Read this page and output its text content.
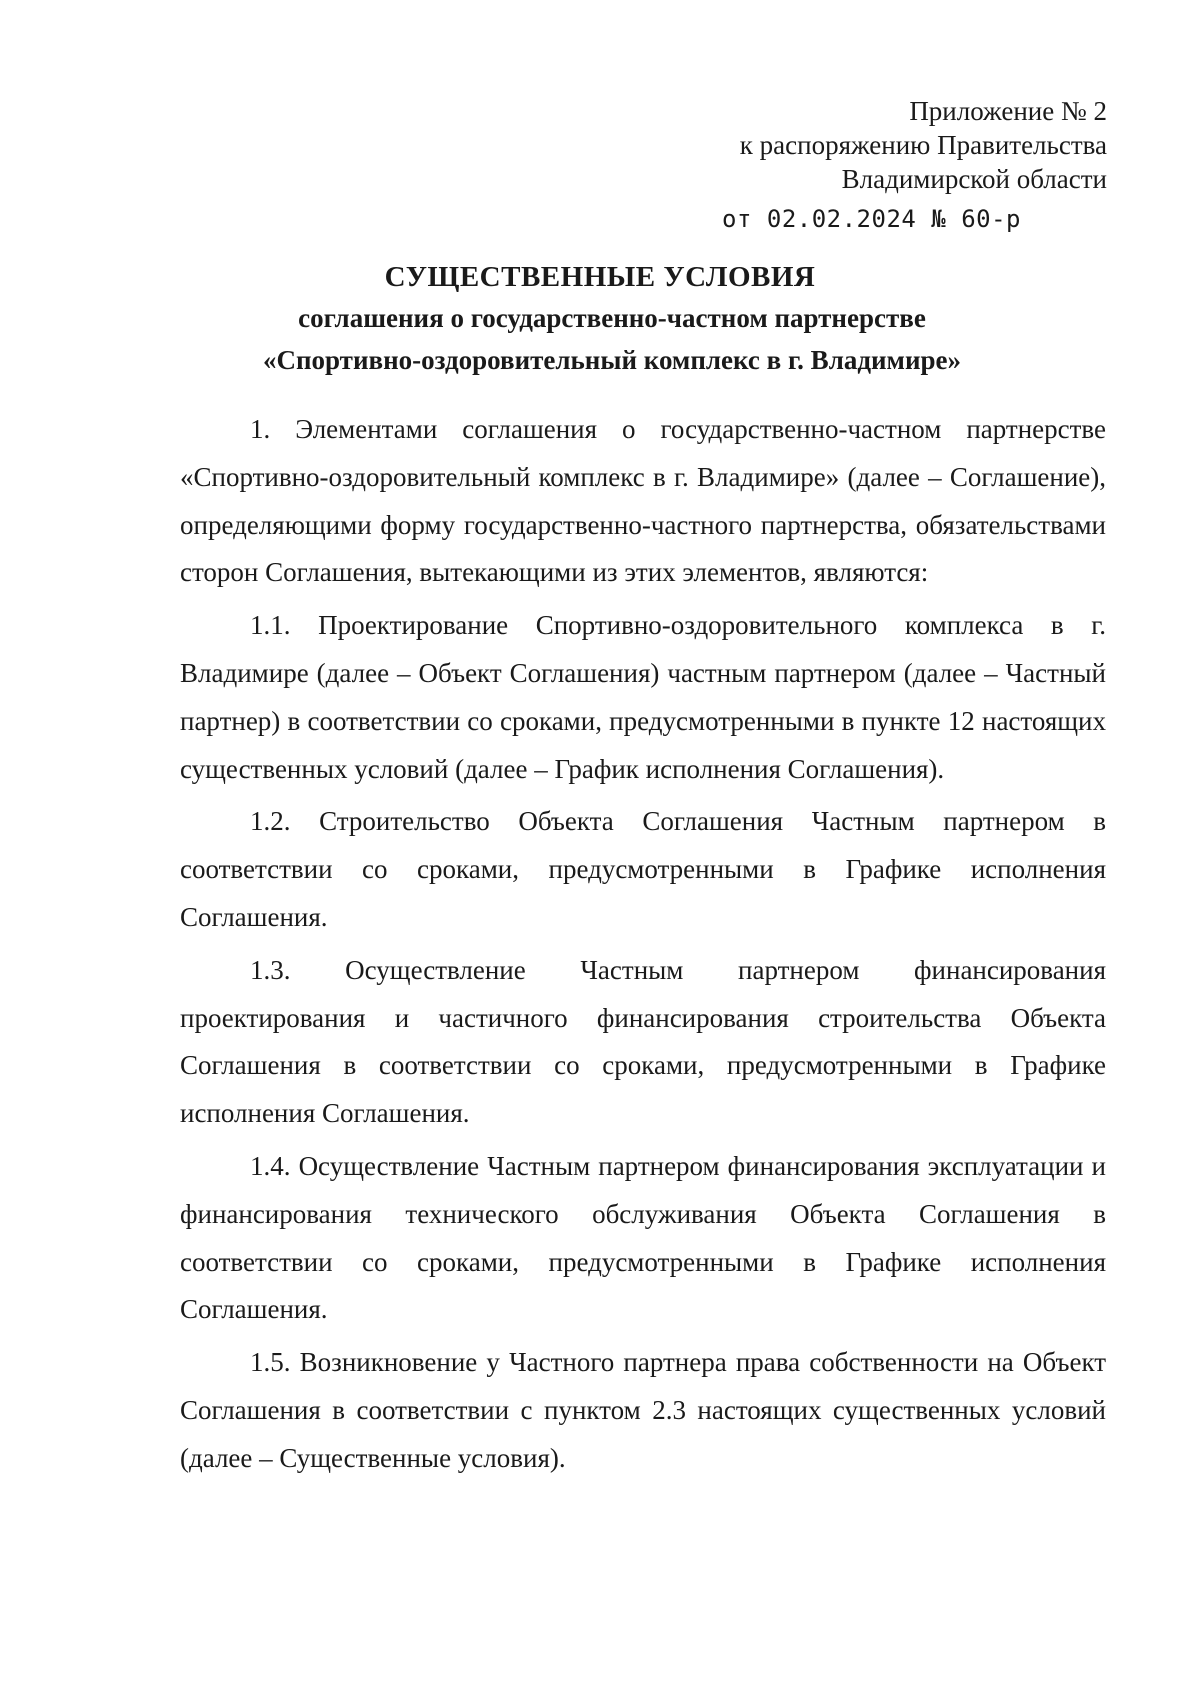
Приложение № 2
к распоряжению Правительства
Владимирской области
от 02.02.2024 № 60-р
СУЩЕСТВЕННЫЕ УСЛОВИЯ
соглашения о государственно-частном партнерстве
«Спортивно-оздоровительный комплекс в г. Владимире»

1. Элементами соглашения о государственно-частном партнерстве «Спортивно-оздоровительный комплекс в г. Владимире» (далее – Соглашение), определяющими форму государственно-частного партнерства, обязательствами сторон Соглашения, вытекающими из этих элементов, являются:

1.1. Проектирование Спортивно-оздоровительного комплекса в г. Владимире (далее – Объект Соглашения) частным партнером (далее – Частный партнер) в соответствии со сроками, предусмотренными в пункте 12 настоящих существенных условий (далее – График исполнения Соглашения).

1.2. Строительство Объекта Соглашения Частным партнером в соответствии со сроками, предусмотренными в Графике исполнения Соглашения.

1.3. Осуществление Частным партнером финансирования проектирования и частичного финансирования строительства Объекта Соглашения в соответствии со сроками, предусмотренными в Графике исполнения Соглашения.

1.4. Осуществление Частным партнером финансирования эксплуатации и финансирования технического обслуживания Объекта Соглашения в соответствии со сроками, предусмотренными в Графике исполнения Соглашения.

1.5. Возникновение у Частного партнера права собственности на Объект Соглашения в соответствии с пунктом 2.3 настоящих существенных условий (далее – Существенные условия).
